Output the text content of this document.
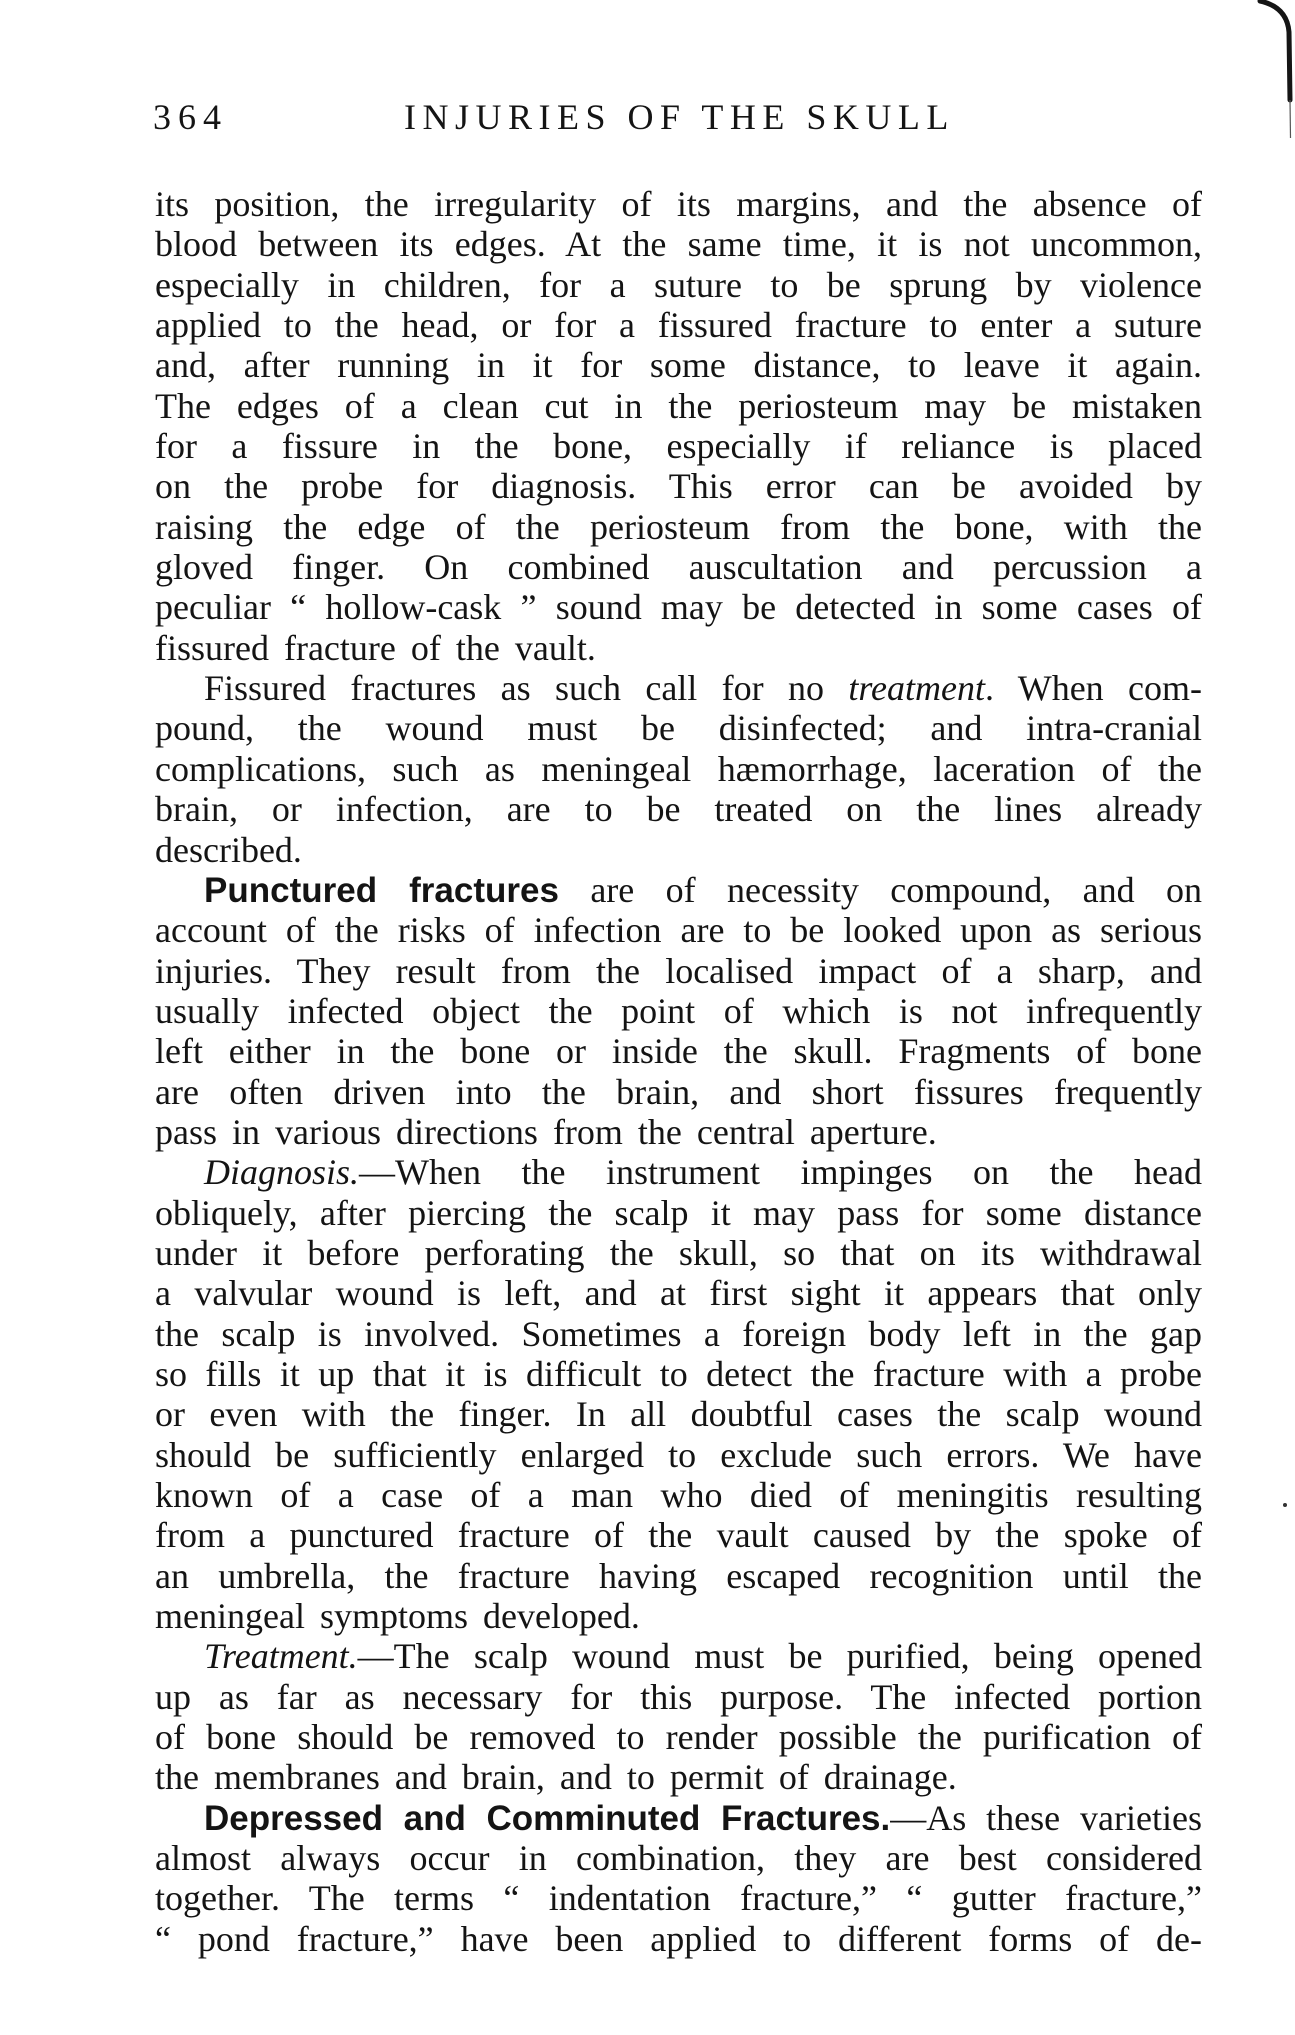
364	INJURIES OF THE SKULL
its position, the irregularity of its margins, and the absence of
blood between its edges. At the same time, it is not uncommon,
especially in children, for a suture to be sprung by violence
applied to the head, or for a fissured fracture to enter a suture
and, after running in it for some distance, to leave it again.
The edges of a clean cut in the periosteum may be mistaken
for a fissure in the bone, especially if reliance is placed
on the probe for diagnosis. This error can be avoided by
raising the edge of the periosteum from the bone, with the
gloved finger. On combined auscultation and percussion a
peculiar “ hollow-cask ” sound may be detected in some cases of
fissured fracture of the vault.
Fissured fractures as such call for no treatment. When com-
pound, the wound must be disinfected; and intra-cranial
complications, such as meningeal hæmorrhage, laceration of the
brain, or infection, are to be treated on the lines already
described.
Punctured fractures are of necessity compound, and on
account of the risks of infection are to be looked upon as serious
injuries. They result from the localised impact of a sharp, and
usually infected object the point of which is not infrequently
left either in the bone or inside the skull. Fragments of bone
are often driven into the brain, and short fissures frequently
pass in various directions from the central aperture.
Diagnosis.—When the instrument impinges on the head
obliquely, after piercing the scalp it may pass for some distance
under it before perforating the skull, so that on its withdrawal
a valvular wound is left, and at first sight it appears that only
the scalp is involved. Sometimes a foreign body left in the gap
so fills it up that it is difficult to detect the fracture with a probe
or even with the finger. In all doubtful cases the scalp wound
should be sufficiently enlarged to exclude such errors. We have
known of a case of a man who died of meningitis resulting
from a punctured fracture of the vault caused by the spoke of
an umbrella, the fracture having escaped recognition until the
meningeal symptoms developed.
Treatment.—The scalp wound must be purified, being opened
up as far as necessary for this purpose. The infected portion
of bone should be removed to render possible the purification of
the membranes and brain, and to permit of drainage.
Depressed and Comminuted Fractures.—As these varieties
almost always occur in combination, they are best considered
together. The terms “ indentation fracture,” “ gutter fracture,”
“ pond fracture,” have been applied to different forms of de-
